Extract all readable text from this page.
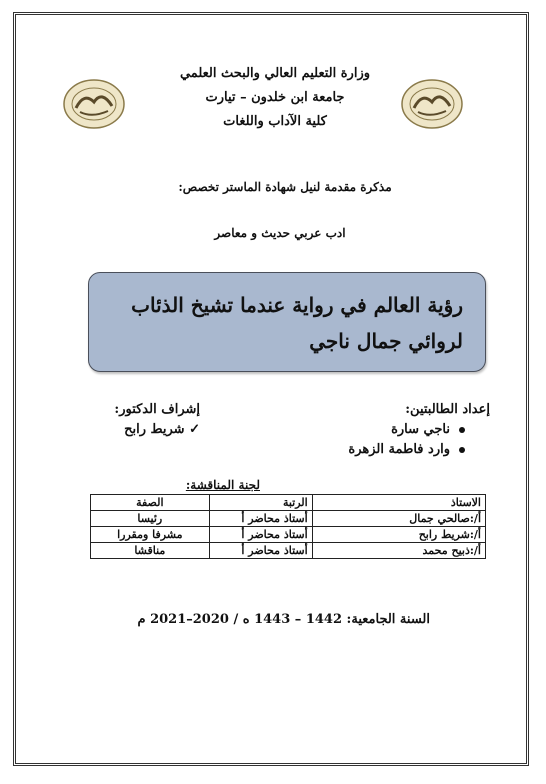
وزارة التعليم العالي والبحث العلمي
جامعة ابن خلدون – تيارت
كلية الآداب واللغات
مذكرة مقدمة لنيل شهادة الماستر تخصص:
ادب عربي حديث و معاصر
رؤية العالم في رواية عندما تشيخ الذئاب لروائي جمال ناجي
إعداد الطالبتين:
ناجي سارة
وارد فاطمة الزهرة
إشراف الدكتور:
✓ شريط رابح
لجنة المناقشة:
الاستاذ	الرتبة	الصفة
أ/:صالحي جمال	أستاذ محاضر أ	رئيسا
أ/:شريط رابح	أستاذ محاضر أ	مشرفا ومقررا
أ/:ذبيح محمد	أستاذ محاضر أ	مناقشا
السنة الجامعية: 1442 – 1443 ه / 2020–2021 م
